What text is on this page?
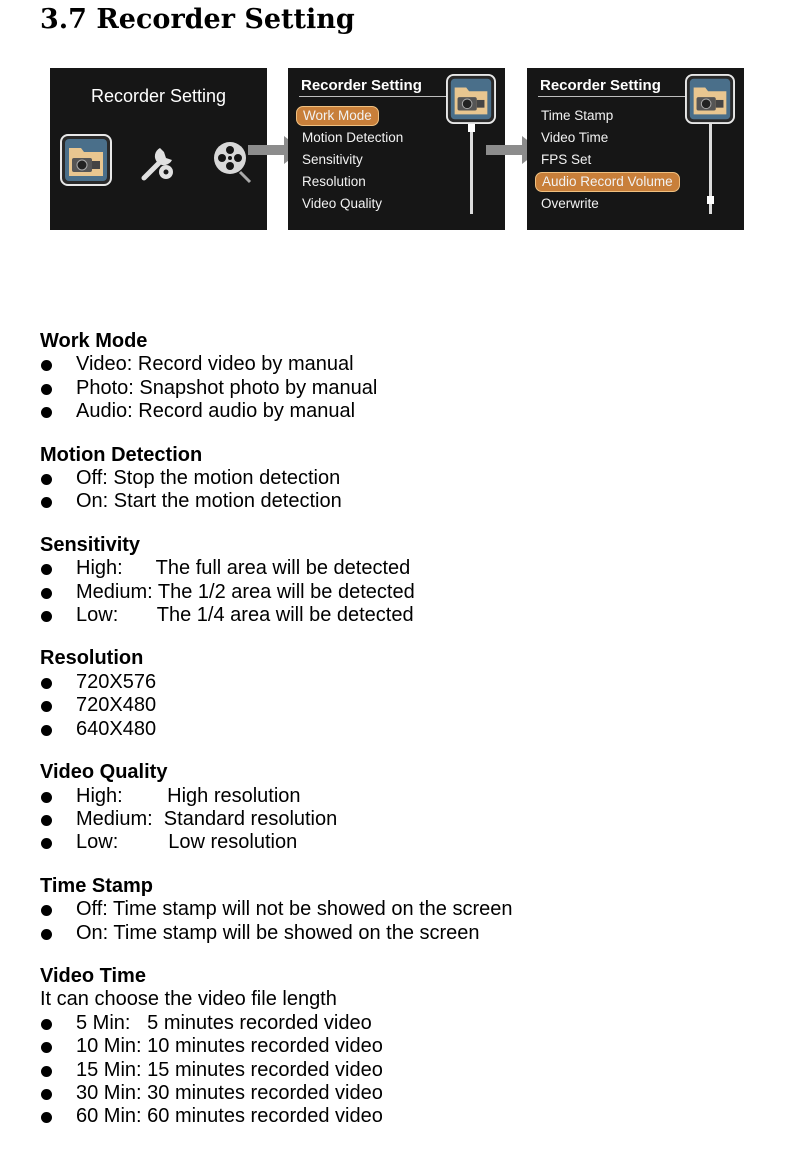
3.7 Recorder Setting
Recorder Setting
Recorder Setting
Work Mode
Motion Detection
Sensitivity
Resolution
Video Quality
Recorder Setting
Time Stamp
Video Time
FPS Set
Audio Record Volume
Overwrite
Work Mode
Video: Record video by manual
Photo: Snapshot photo by manual
Audio: Record audio by manual
Motion Detection
Off: Stop the motion detection
On: Start the motion detection
Sensitivity
High:      The full area will be detected
Medium: The 1/2 area will be detected
Low:       The 1/4 area will be detected
Resolution
720X576
720X480
640X480
Video Quality
High:        High resolution
Medium:  Standard resolution
Low:         Low resolution
Time Stamp
Off: Time stamp will not be showed on the screen
On: Time stamp will be showed on the screen
Video Time
It can choose the video file length
5 Min:   5 minutes recorded video
10 Min: 10 minutes recorded video
15 Min: 15 minutes recorded video
30 Min: 30 minutes recorded video
60 Min: 60 minutes recorded video
